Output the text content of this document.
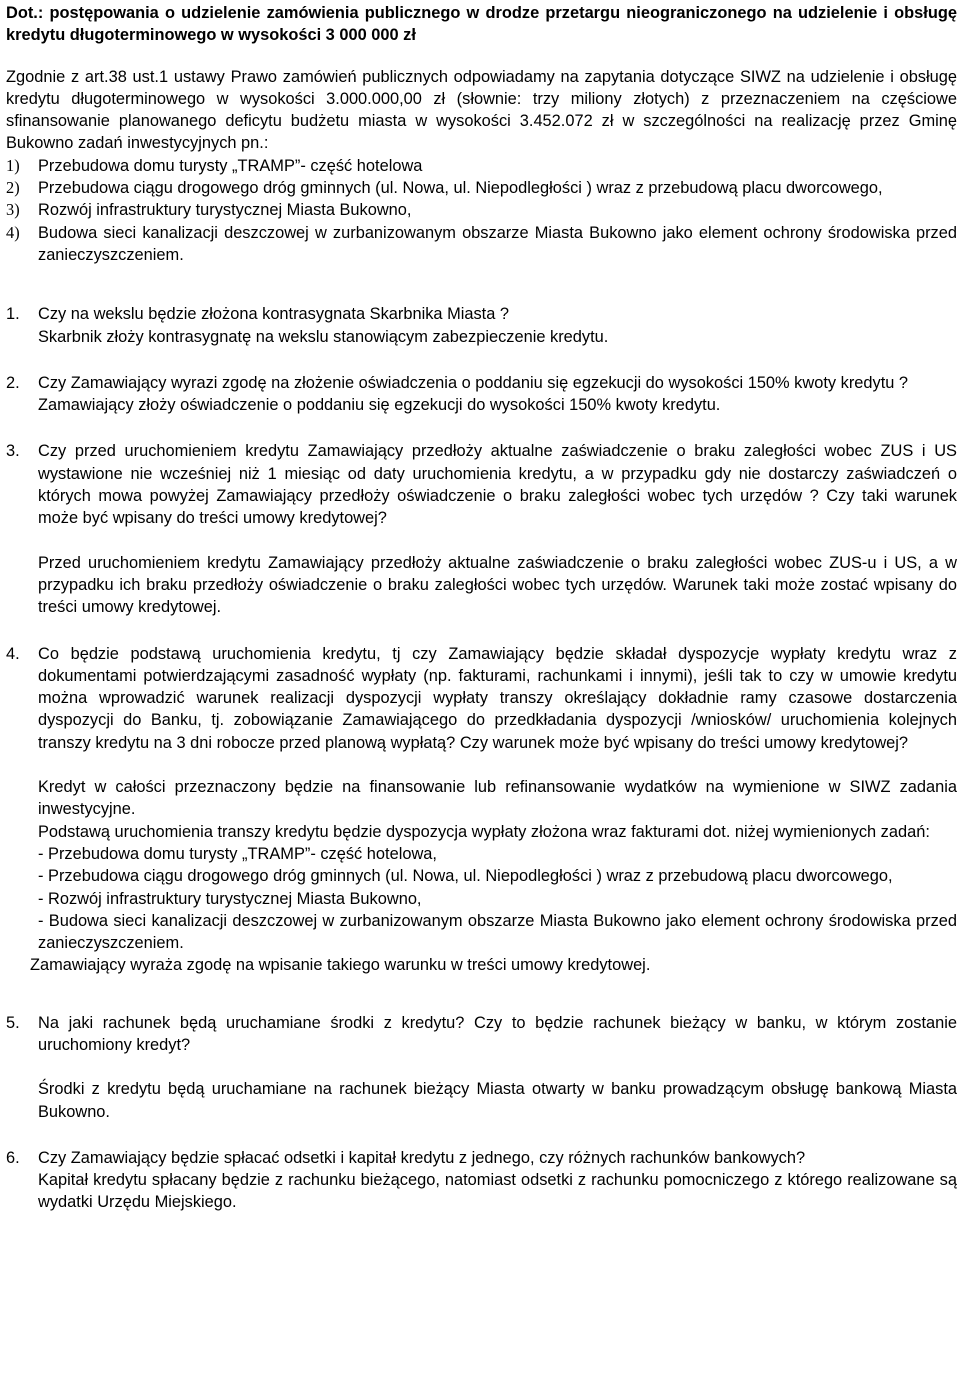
Dot.: postępowania o udzielenie zamówienia publicznego w drodze przetargu nieograniczonego na udzielenie i obsługę kredytu długoterminowego w wysokości 3 000 000 zł

Zgodnie z art.38 ust.1 ustawy Prawo zamówień publicznych odpowiadamy na zapytania dotyczące SIWZ na udzielenie i obsługę kredytu długoterminowego w wysokości 3.000.000,00 zł (słownie: trzy miliony złotych) z przeznaczeniem na częściowe sfinansowanie planowanego deficytu budżetu miasta w wysokości 3.452.072 zł w szczególności na realizację przez Gminę Bukowno zadań inwestycyjnych pn.:

1)	Przebudowa domu turysty „TRAMP”- część hotelowa
2)	Przebudowa ciągu drogowego dróg gminnych (ul. Nowa, ul. Niepodległości ) wraz z przebudową placu dworcowego,
3)	Rozwój infrastruktury turystycznej Miasta Bukowno,
4)	Budowa sieci kanalizacji deszczowej w zurbanizowanym obszarze Miasta Bukowno jako element ochrony środowiska przed zanieczyszczeniem.
1.	Czy na wekslu będzie złożona kontrasygnata Skarbnika Miasta ?

Skarbnik złoży kontrasygnatę na wekslu stanowiącym zabezpieczenie kredytu.

2.	Czy Zamawiający wyrazi zgodę na złożenie oświadczenia o poddaniu się egzekucji do wysokości 150% kwoty kredytu ?

Zamawiający złoży oświadczenie o poddaniu się egzekucji do wysokości 150% kwoty kredytu.

3.	Czy przed uruchomieniem kredytu Zamawiający przedłoży aktualne zaświadczenie o braku zaległości wobec ZUS i US wystawione nie wcześniej niż 1 miesiąc od daty uruchomienia kredytu, a w przypadku gdy nie dostarczy zaświadczeń o których mowa powyżej Zamawiający przedłoży oświadczenie o braku zaległości wobec tych urzędów ? Czy taki warunek może być wpisany do treści umowy kredytowej?

Przed uruchomieniem kredytu Zamawiający przedłoży aktualne zaświadczenie o braku zaległości wobec ZUS-u i US, a w przypadku ich braku przedłoży oświadczenie o braku zaległości wobec tych urzędów. Warunek taki może zostać wpisany do treści umowy kredytowej.

4.	Co będzie podstawą uruchomienia kredytu, tj czy Zamawiający będzie składał dyspozycje wypłaty kredytu wraz z dokumentami potwierdzającymi zasadność wypłaty (np. fakturami, rachunkami i innymi), jeśli tak to czy w umowie kredytu można wprowadzić warunek realizacji dyspozycji wypłaty transzy określający dokładnie ramy czasowe dostarczenia dyspozycji do Banku, tj. zobowiązanie Zamawiającego do przedkładania dyspozycji /wniosków/ uruchomienia kolejnych transzy kredytu na 3 dni robocze przed planową wypłatą? Czy warunek może być wpisany do treści umowy kredytowej?

Kredyt w całości przeznaczony będzie na finansowanie lub refinansowanie wydatków na wymienione w SIWZ zadania inwestycyjne.

Podstawą uruchomienia transzy kredytu będzie dyspozycja wypłaty złożona wraz fakturami dot. niżej wymienionych zadań:

- Przebudowa domu turysty „TRAMP”- część hotelowa,

- Przebudowa ciągu drogowego dróg gminnych (ul. Nowa, ul. Niepodległości ) wraz z przebudową placu dworcowego,

- Rozwój infrastruktury turystycznej Miasta Bukowno,

- Budowa sieci kanalizacji deszczowej w zurbanizowanym obszarze Miasta Bukowno jako element ochrony środowiska przed zanieczyszczeniem.

Zamawiający wyraża zgodę na wpisanie takiego warunku w treści umowy kredytowej.

5.	Na jaki rachunek będą uruchamiane środki z kredytu? Czy to będzie rachunek bieżący w banku, w którym zostanie uruchomiony kredyt?

Środki z kredytu będą uruchamiane na rachunek bieżący Miasta otwarty w banku prowadzącym obsługę bankową Miasta Bukowno.

6.	Czy Zamawiający będzie spłacać odsetki i kapitał kredytu z jednego, czy różnych rachunków bankowych?

Kapitał kredytu spłacany będzie z rachunku bieżącego, natomiast odsetki z rachunku pomocniczego z którego realizowane są wydatki Urzędu Miejskiego.
